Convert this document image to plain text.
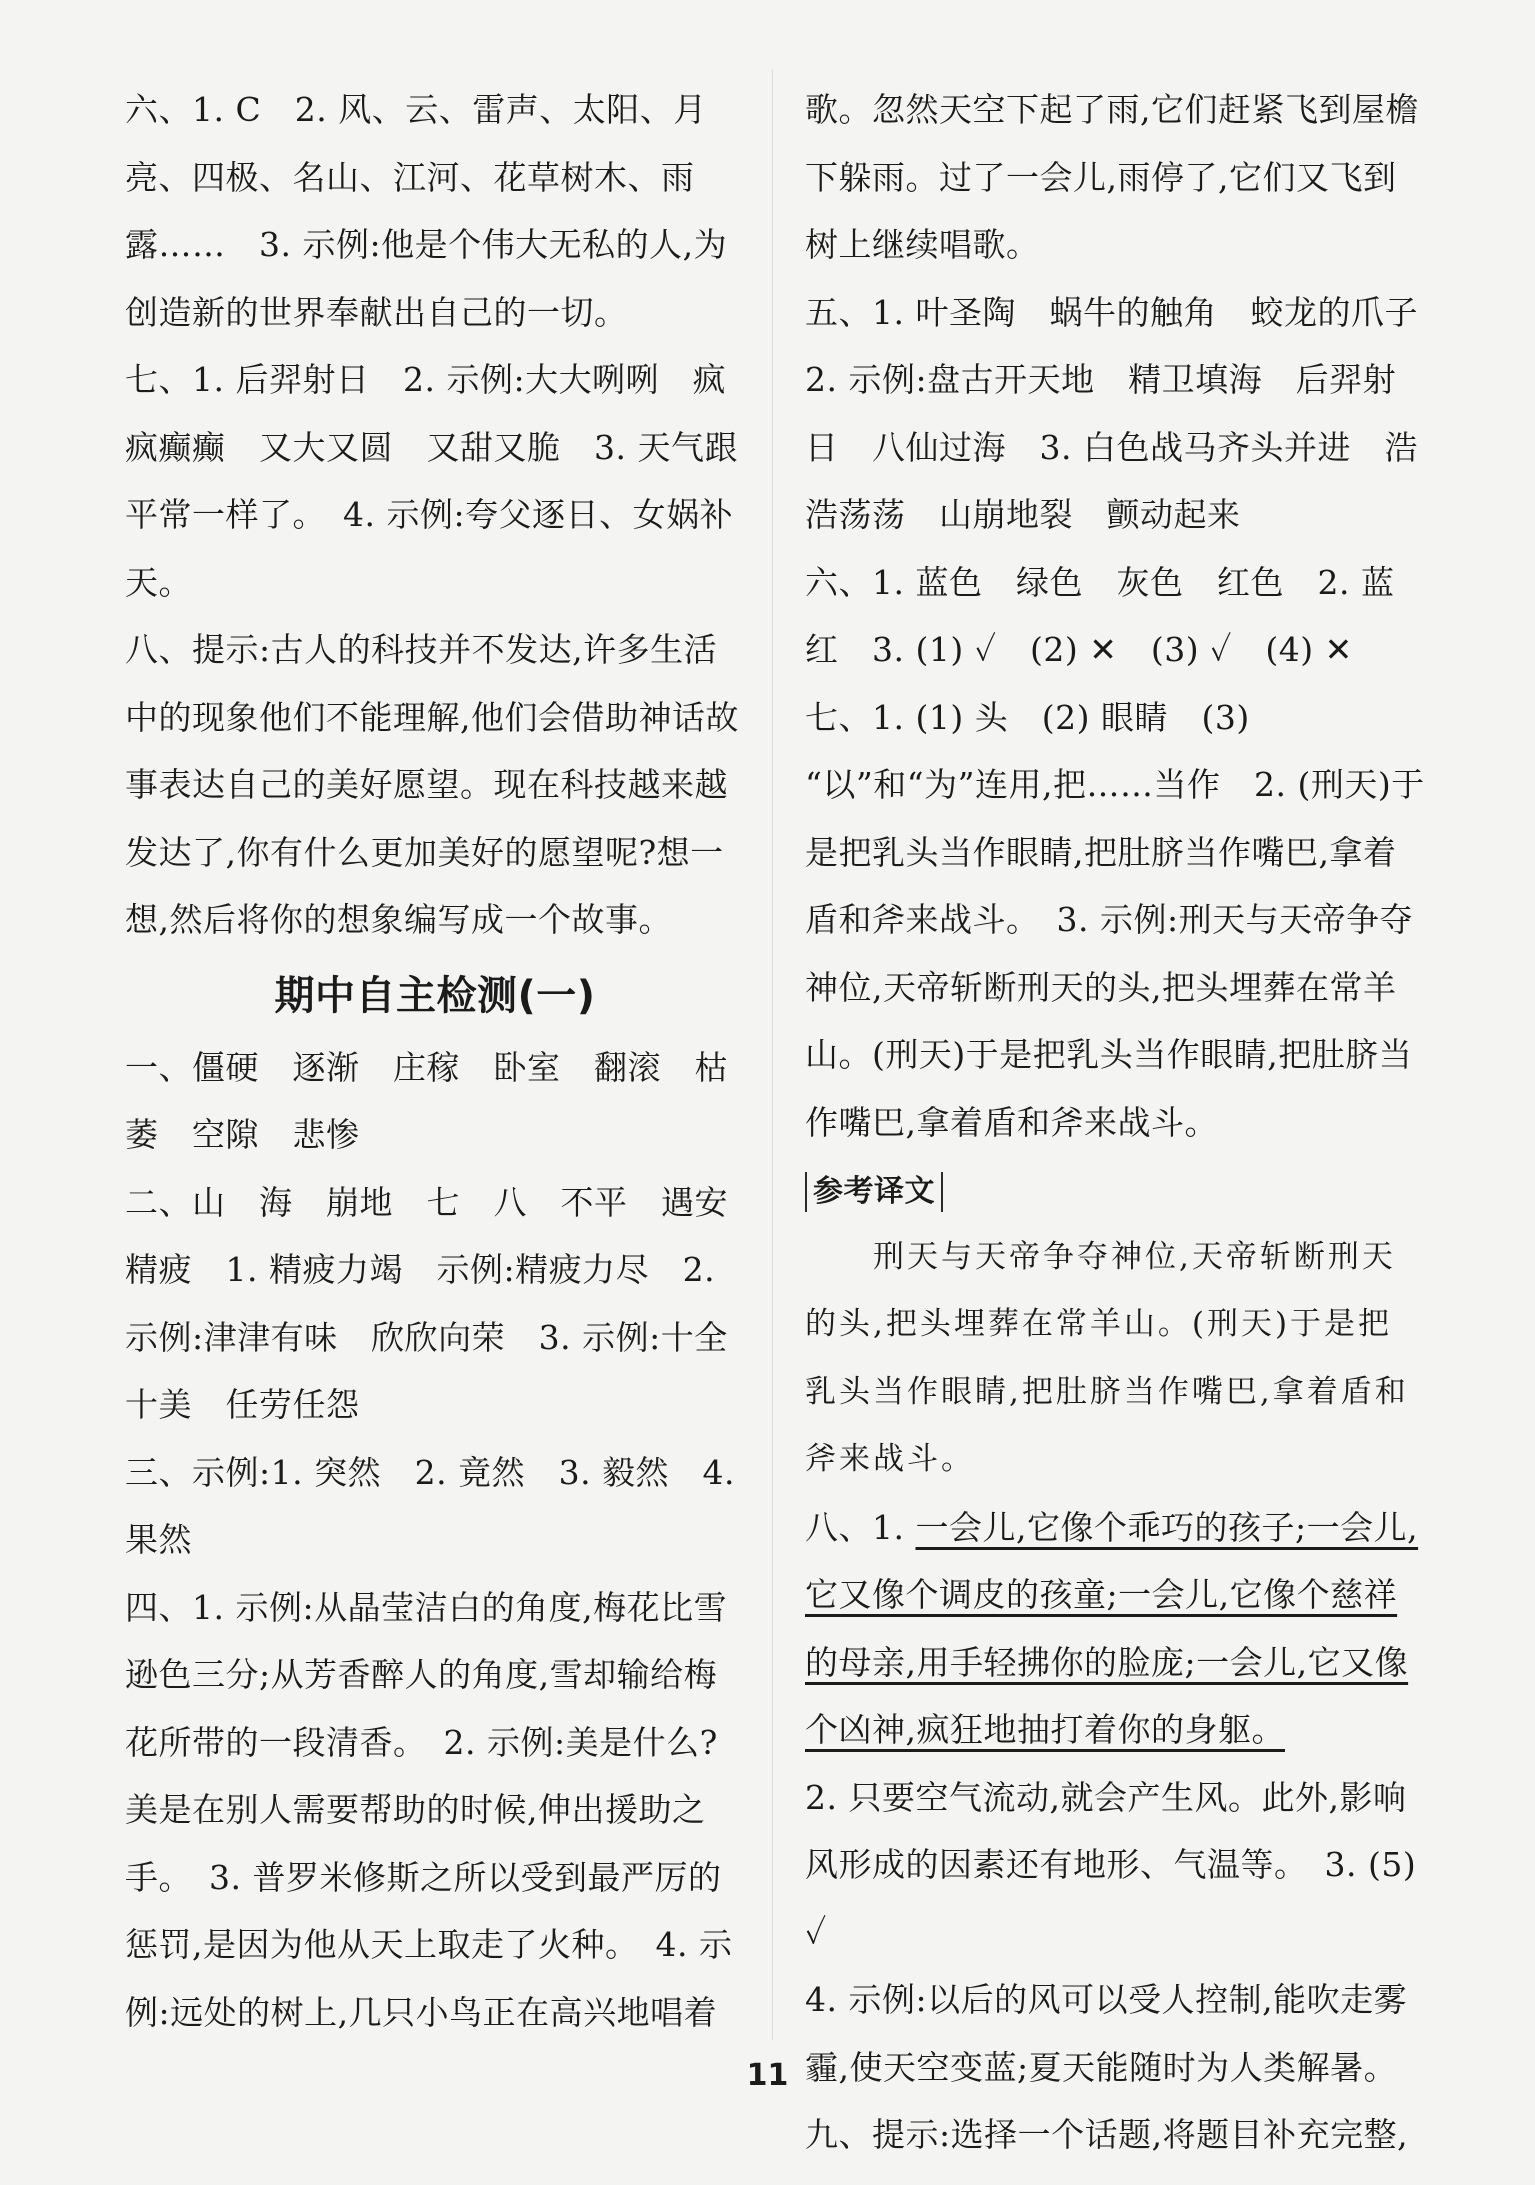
六、1. C　2. 风、云、雷声、太阳、月亮、四极、名山、江河、花草树木、雨露……　3. 示例:他是个伟大无私的人,为创造新的世界奉献出自己的一切。

七、1. 后羿射日　2. 示例:大大咧咧　疯疯癫癫　又大又圆　又甜又脆　3. 天气跟平常一样了。　4. 示例:夸父逐日、女娲补天。

八、提示:古人的科技并不发达,许多生活中的现象他们不能理解,他们会借助神话故事表达自己的美好愿望。现在科技越来越发达了,你有什么更加美好的愿望呢?想一想,然后将你的想象编写成一个故事。

期中自主检测(一)

一、僵硬　逐渐　庄稼　卧室　翻滚　枯萎　空隙　悲惨

二、山　海　崩地　七　八　不平　遇安　精疲　1. 精疲力竭　示例:精疲力尽　2. 示例:津津有味　欣欣向荣　3. 示例:十全十美　任劳任怨

三、示例:1. 突然　2. 竟然　3. 毅然　4. 果然

四、1. 示例:从晶莹洁白的角度,梅花比雪逊色三分;从芳香醉人的角度,雪却输给梅花所带的一段清香。　2. 示例:美是什么?美是在别人需要帮助的时候,伸出援助之手。　3. 普罗米修斯之所以受到最严厉的惩罚,是因为他从天上取走了火种。　4. 示例:远处的树上,几只小鸟正在高兴地唱着

歌。忽然天空下起了雨,它们赶紧飞到屋檐下躲雨。过了一会儿,雨停了,它们又飞到树上继续唱歌。

五、1. 叶圣陶　蜗牛的触角　蛟龙的爪子　2. 示例:盘古开天地　精卫填海　后羿射日　八仙过海　3. 白色战马齐头并进　浩浩荡荡　山崩地裂　颤动起来

六、1. 蓝色　绿色　灰色　红色　2. 蓝红　3. (1) ✓　(2) ✕　(3) ✓　(4) ✕

七、1. (1) 头　(2) 眼睛　(3) “以”和“为”连用,把……当作　2. (刑天)于是把乳头当作眼睛,把肚脐当作嘴巴,拿着盾和斧来战斗。　3. 示例:刑天与天帝争夺神位,天帝斩断刑天的头,把头埋葬在常羊山。(刑天)于是把乳头当作眼睛,把肚脐当作嘴巴,拿着盾和斧来战斗。

参考译文

刑天与天帝争夺神位,天帝斩断刑天的头,把头埋葬在常羊山。(刑天)于是把乳头当作眼睛,把肚脐当作嘴巴,拿着盾和斧来战斗。

八、1. 一会儿,它像个乖巧的孩子;一会儿,它又像个调皮的孩童;一会儿,它像个慈祥的母亲,用手轻拂你的脸庞;一会儿,它又像个凶神,疯狂地抽打着你的身躯。

2. 只要空气流动,就会产生风。此外,影响风形成的因素还有地形、气温等。　3. (5) ✓

4. 示例:以后的风可以受人控制,能吹走雾霾,使天空变蓝;夏天能随时为人类解暑。

九、提示:选择一个话题,将题目补充完整,

11
